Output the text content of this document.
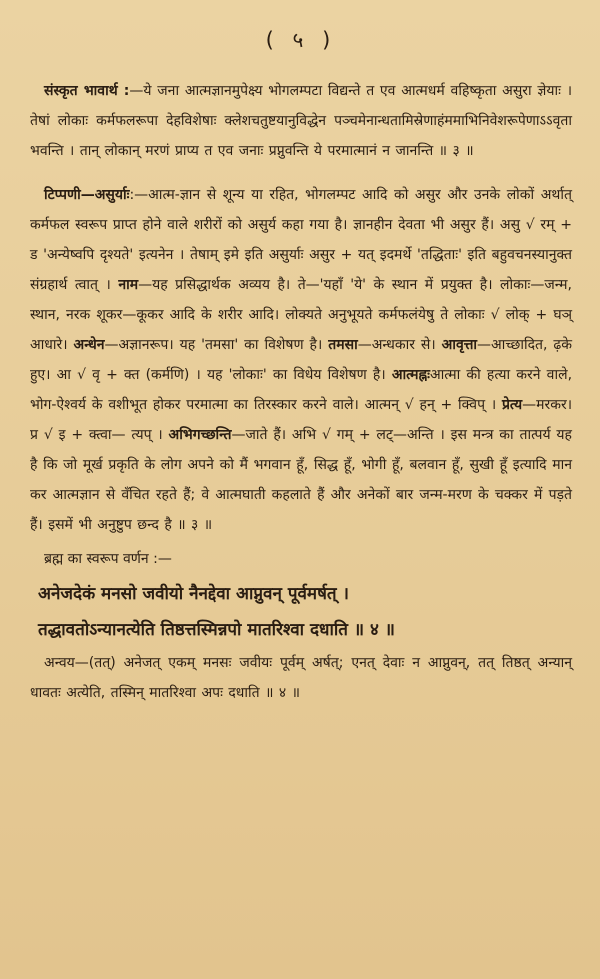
( ५ )

संस्कृत भावार्थ :—ये जना आत्मज्ञानमुपेक्ष्य भोगलम्पटा विद्यन्ते त एव आत्मधर्म वहिष्कृता असुरा ज्ञेयाः । तेषां लोकाः कर्मफलरूपा देहविशेषाः क्लेशचतुष्टयानुविद्धेन पञ्चमेनान्धतामिस्रेणाहंममाभिनिवेशरूपेणाऽऽवृता भवन्ति । तान् लोकान् मरणं प्राप्य त एव जनाः प्रप्नुवन्ति ये परमात्मानं न जानन्ति ॥ ३ ॥

टिप्पणी—असुर्याः:—आत्म-ज्ञान से शून्य या रहित, भोगलम्पट आदि को असुर और उनके लोकों अर्थात् कर्मफल स्वरूप प्राप्त होने वाले शरीरों को असुर्य कहा गया है। ज्ञानहीन देवता भी असुर हैं। असु √ रम् + ड 'अन्येष्वपि दृश्यते' इत्यनेन । तेषाम् इमे इति असुर्याः असुर + यत् इदमर्थे 'तद्धिताः' इति बहुवचनस्यानुक्त संग्रहार्थ त्वात् । नाम—यह प्रसिद्धार्थक अव्यय है। ते—'यहाँ 'ये' के स्थान में प्रयुक्त है। लोकाः—जन्म, स्थान, नरक शूकर—कूकर आदि के शरीर आदि। लोक्यते अनुभूयते कर्मफलंयेषु ते लोकाः √ लोक् + घञ् आधारे। अन्धेन—अज्ञानरूप। यह 'तमसा' का विशेषण है। तमसा—अन्धकार से। आवृत्ता—आच्छादित, ढ़के हुए। आ √ वृ + क्त (कर्मणि) । यह 'लोकाः' का विधेय विशेषण है। आत्मह्नःआत्मा की हत्या करने वाले, भोग-ऐश्वर्य के वशीभूत होकर परमात्मा का तिरस्कार करने वाले। आत्मन् √ हन् + क्विप् । प्रेत्य—मरकर। प्र √ इ + क्त्वा— त्यप् । अभिगच्छन्ति—जाते हैं। अभि √ गम् + लट्—अन्ति । इस मन्त्र का तात्पर्य यह है कि जो मूर्ख प्रकृति के लोग अपने को मैं भगवान हूँ, सिद्ध हूँ, भोगी हूँ, बलवान हूँ, सुखी हूँ इत्यादि मान कर आत्मज्ञान से वँचित रहते हैं; वे आत्मघाती कहलाते हैं और अनेकों बार जन्म-मरण के चक्कर में पड़ते हैं। इसमें भी अनुष्टुप छन्द है ॥ ३ ॥

ब्रह्म का स्वरूप वर्णन :—

अनेजदेकं मनसो जवीयो नैनद्देवा आप्नुवन् पूर्वमर्षत् ।

तद्धावतोऽन्यानत्येति तिष्ठत्तस्मिन्नपो मातरिश्वा दधाति ॥ ४ ॥

अन्वय—(तत्) अनेजत् एकम् मनसः जवीयः पूर्वम् अर्षत्; एनत् देवाः न आप्नुवन्, तत् तिष्ठत् अन्यान् धावतः अत्येति, तस्मिन् मातरिश्वा अपः दधाति ॥ ४ ॥
